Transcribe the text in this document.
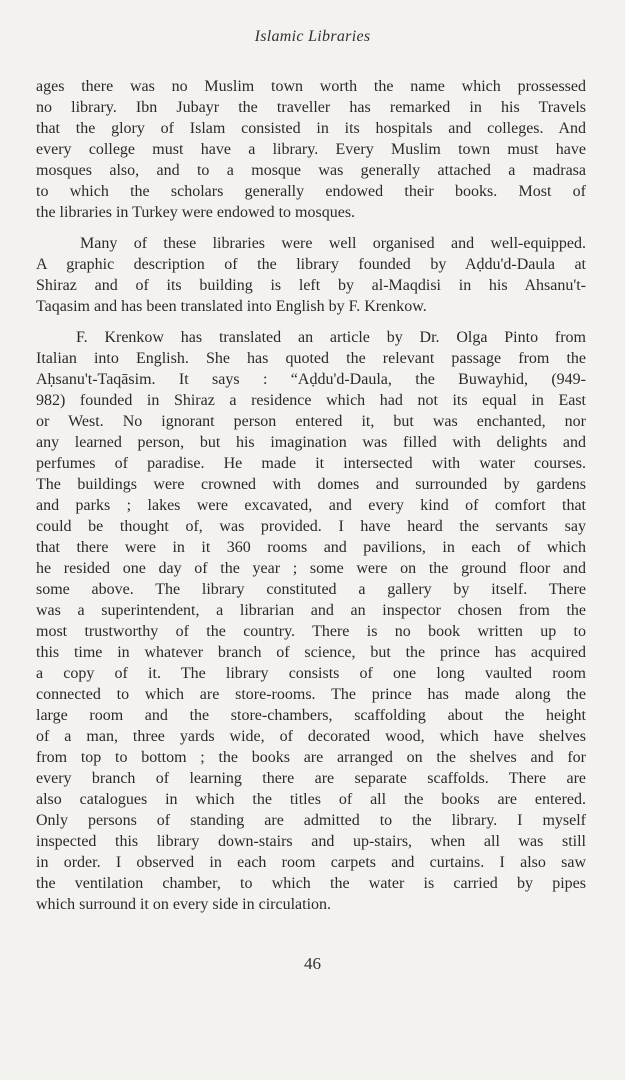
Islamic Libraries
ages there was no Muslim town worth the name which prossessed
no library. Ibn Jubayr the traveller has remarked in his Travels
that the glory of Islam consisted in its hospitals and colleges. And
every college must have a library. Every Muslim town must have
mosques also, and to a mosque was generally attached a madrasa
to which the scholars generally endowed their books. Most of
the libraries in Turkey were endowed to mosques.
Many of these libraries were well organised and well-equipped.
A graphic description of the library founded by Aḍdu'd-Daula at
Shiraz and of its building is left by al-Maqdisi in his Ahsanu't-
Taqasim and has been translated into English by F. Krenkow.
F. Krenkow has translated an article by Dr. Olga Pinto from
Italian into English. She has quoted the relevant passage from the
Aḥsanu't-Taqāsim. It says : “Aḍdu'd-Daula, the Buwayhid, (949-
982) founded in Shiraz a residence which had not its equal in East
or West. No ignorant person entered it, but was enchanted, nor
any learned person, but his imagination was filled with delights and
perfumes of paradise. He made it intersected with water courses.
The buildings were crowned with domes and surrounded by gardens
and parks ; lakes were excavated, and every kind of comfort that
could be thought of, was provided. I have heard the servants say
that there were in it 360 rooms and pavilions, in each of which
he resided one day of the year ; some were on the ground floor and
some above. The library constituted a gallery by itself. There
was a superintendent, a librarian and an inspector chosen from the
most trustworthy of the country. There is no book written up to
this time in whatever branch of science, but the prince has acquired
a copy of it. The library consists of one long vaulted room
connected to which are store-rooms. The prince has made along the
large room and the store-chambers, scaffolding about the height
of a man, three yards wide, of decorated wood, which have shelves
from top to bottom ; the books are arranged on the shelves and for
every branch of learning there are separate scaffolds. There are
also catalogues in which the titles of all the books are entered.
Only persons of standing are admitted to the library. I myself
inspected this library down-stairs and up-stairs, when all was still
in order. I observed in each room carpets and curtains. I also saw
the ventilation chamber, to which the water is carried by pipes
which surround it on every side in circulation.
46
